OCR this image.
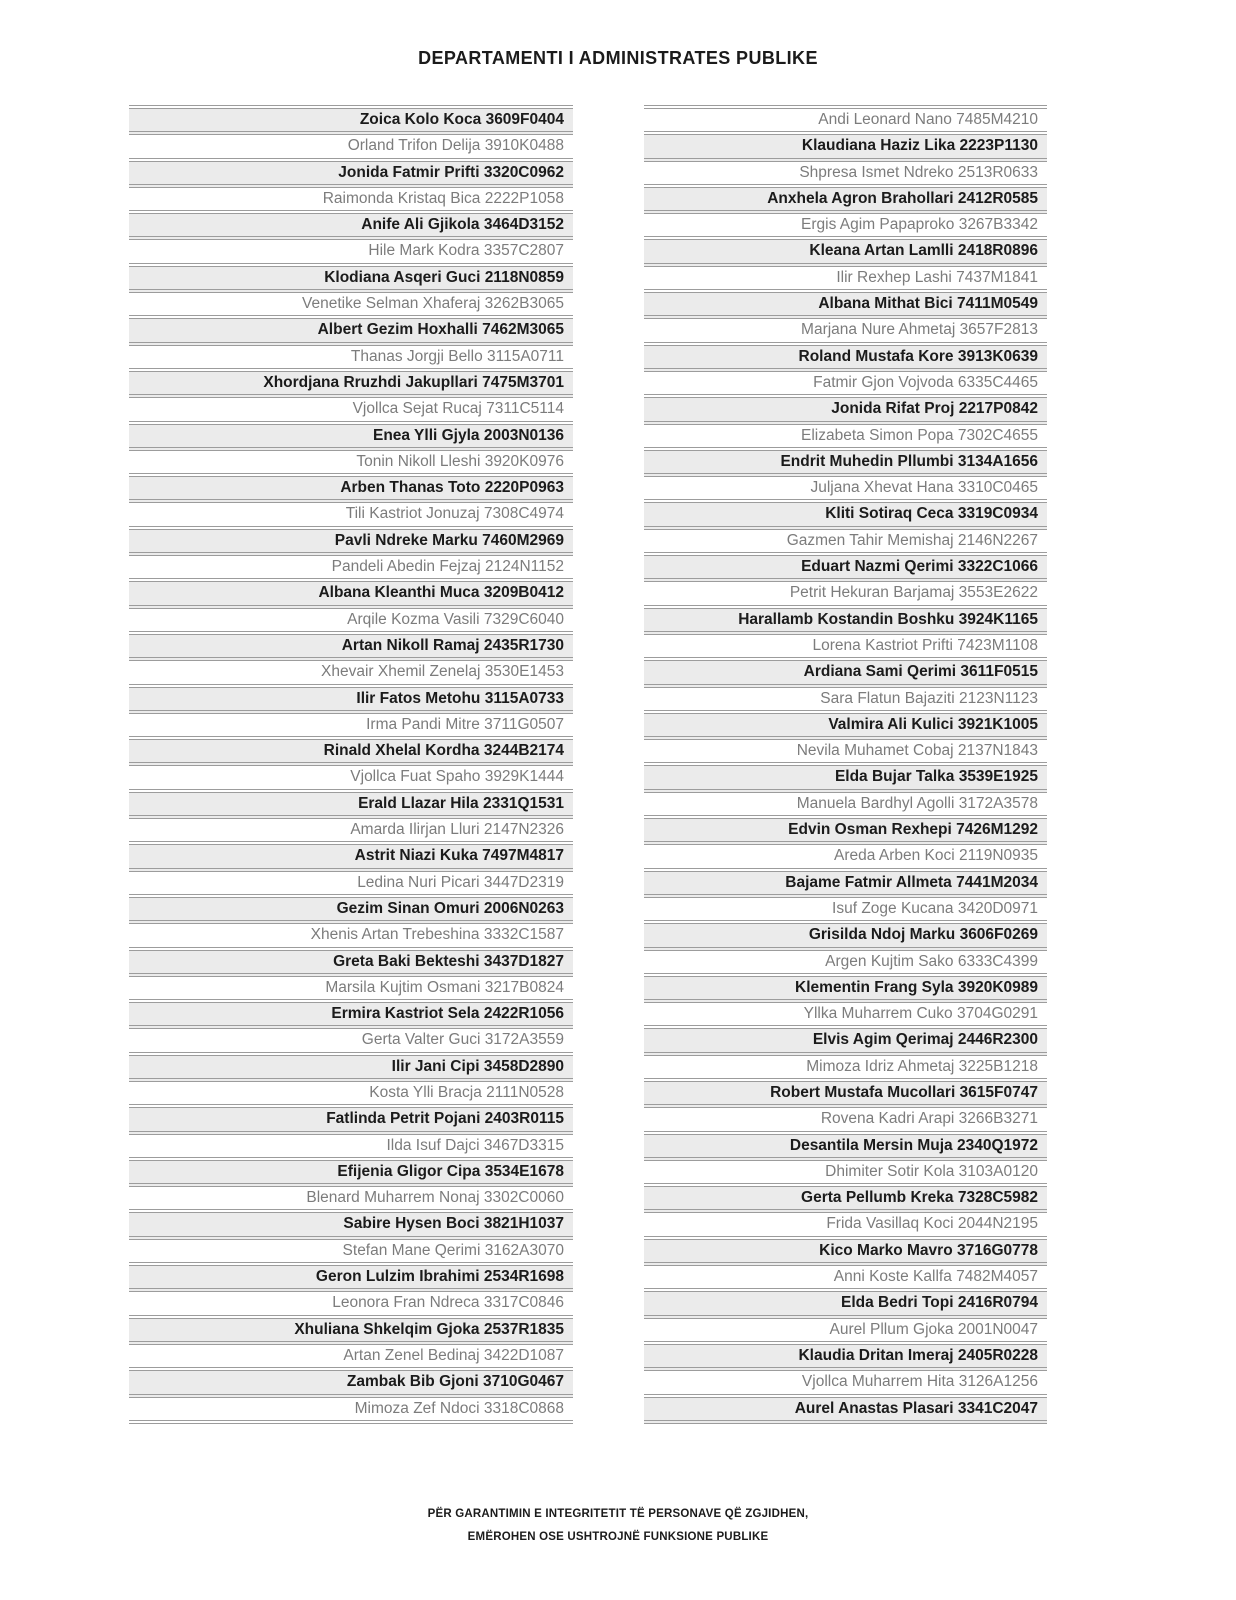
DEPARTAMENTI I ADMINISTRATES PUBLIKE
Zoica Kolo Koca 3609F0404
Orland Trifon Delija 3910K0488
Jonida Fatmir Prifti 3320C0962
Raimonda Kristaq Bica 2222P1058
Anife Ali Gjikola 3464D3152
Hile Mark Kodra 3357C2807
Klodiana Asqeri Guci 2118N0859
Venetike Selman Xhaferaj 3262B3065
Albert Gezim Hoxhalli 7462M3065
Thanas Jorgji Bello 3115A0711
Xhordjana Rruzhdi Jakupllari 7475M3701
Vjollca Sejat Rucaj 7311C5114
Enea Ylli Gjyla 2003N0136
Tonin Nikoll Lleshi 3920K0976
Arben Thanas Toto 2220P0963
Tili Kastriot Jonuzaj 7308C4974
Pavli Ndreke Marku 7460M2969
Pandeli Abedin Fejzaj 2124N1152
Albana Kleanthi Muca 3209B0412
Arqile Kozma Vasili 7329C6040
Artan Nikoll Ramaj 2435R1730
Xhevair Xhemil Zenelaj 3530E1453
Ilir Fatos Metohu 3115A0733
Irma Pandi Mitre 3711G0507
Rinald Xhelal Kordha 3244B2174
Vjollca Fuat Spaho 3929K1444
Erald Llazar Hila 2331Q1531
Amarda Ilirjan Lluri 2147N2326
Astrit Niazi Kuka 7497M4817
Ledina Nuri Picari 3447D2319
Gezim Sinan Omuri 2006N0263
Xhenis Artan Trebeshina 3332C1587
Greta Baki Bekteshi 3437D1827
Marsila Kujtim Osmani 3217B0824
Ermira Kastriot Sela 2422R1056
Gerta Valter Guci 3172A3559
Ilir Jani Cipi 3458D2890
Kosta Ylli Bracja 2111N0528
Fatlinda Petrit Pojani 2403R0115
Ilda Isuf Dajci 3467D3315
Efijenia Gligor Cipa 3534E1678
Blenard Muharrem Nonaj 3302C0060
Sabire Hysen Boci 3821H1037
Stefan Mane Qerimi 3162A3070
Geron Lulzim Ibrahimi 2534R1698
Leonora Fran Ndreca 3317C0846
Xhuliana Shkelqim Gjoka 2537R1835
Artan Zenel Bedinaj 3422D1087
Zambak Bib Gjoni 3710G0467
Mimoza Zef Ndoci 3318C0868
Andi Leonard Nano 7485M4210
Klaudiana Haziz Lika 2223P1130
Shpresa Ismet Ndreko 2513R0633
Anxhela Agron Brahollari 2412R0585
Ergis Agim Papaproko 3267B3342
Kleana Artan Lamlli 2418R0896
Ilir Rexhep Lashi 7437M1841
Albana Mithat Bici 7411M0549
Marjana Nure Ahmetaj 3657F2813
Roland Mustafa Kore 3913K0639
Fatmir Gjon Vojvoda 6335C4465
Jonida Rifat Proj 2217P0842
Elizabeta Simon Popa 7302C4655
Endrit Muhedin Pllumbi 3134A1656
Juljana Xhevat Hana 3310C0465
Kliti Sotiraq Ceca 3319C0934
Gazmen Tahir Memishaj 2146N2267
Eduart Nazmi Qerimi 3322C1066
Petrit Hekuran Barjamaj 3553E2622
Harallamb Kostandin Boshku 3924K1165
Lorena Kastriot Prifti 7423M1108
Ardiana Sami Qerimi 3611F0515
Sara Flatun Bajaziti 2123N1123
Valmira Ali Kulici 3921K1005
Nevila Muhamet Cobaj 2137N1843
Elda Bujar Talka 3539E1925
Manuela Bardhyl Agolli 3172A3578
Edvin Osman Rexhepi 7426M1292
Areda Arben Koci 2119N0935
Bajame Fatmir Allmeta 7441M2034
Isuf Zoge Kucana 3420D0971
Grisilda Ndoj Marku 3606F0269
Argen Kujtim Sako 6333C4399
Klementin Frang Syla 3920K0989
Yllka Muharrem Cuko 3704G0291
Elvis Agim Qerimaj 2446R2300
Mimoza Idriz Ahmetaj 3225B1218
Robert Mustafa Mucollari 3615F0747
Rovena Kadri Arapi 3266B3271
Desantila Mersin Muja 2340Q1972
Dhimiter Sotir Kola 3103A0120
Gerta Pellumb Kreka 7328C5982
Frida Vasillaq Koci 2044N2195
Kico Marko Mavro 3716G0778
Anni Koste Kallfa 7482M4057
Elda Bedri Topi 2416R0794
Aurel Pllum Gjoka 2001N0047
Klaudia Dritan Imeraj 2405R0228
Vjollca Muharrem Hita 3126A1256
Aurel Anastas Plasari 3341C2047
PËR GARANTIMIN E INTEGRITETIT TË PERSONAVE QË ZGJIDHEN,
EMËROHEN OSE USHTROJNË FUNKSIONE PUBLIKE
